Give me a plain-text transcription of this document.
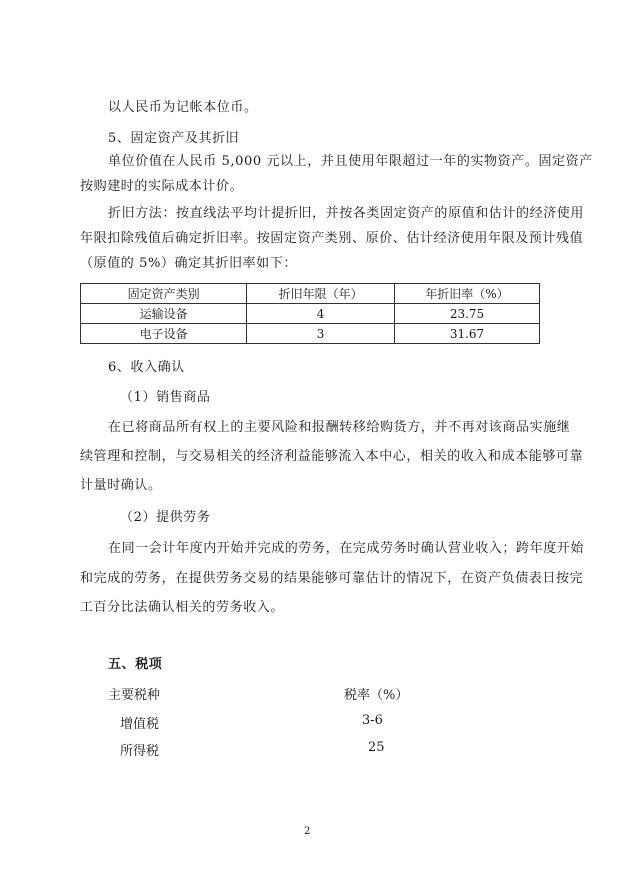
以人民币为记帐本位币。
5、固定资产及其折旧
单位价值在人民币 5,000 元以上，并且使用年限超过一年的实物资产。固定资产
按购建时的实际成本计价。
折旧方法：按直线法平均计提折旧，并按各类固定资产的原值和估计的经济使用
年限扣除残值后确定折旧率。按固定资产类别、原价、估计经济使用年限及预计残值
（原值的 5%）确定其折旧率如下：
固定资产类别	折旧年限（年）	年折旧率（%）
运输设备	4	23.75
电子设备	3	31.67
6、收入确认
（1）销售商品
在已将商品所有权上的主要风险和报酬转移给购货方，并不再对该商品实施继
续管理和控制，与交易相关的经济利益能够流入本中心，相关的收入和成本能够可靠
计量时确认。
（2）提供劳务
在同一会计年度内开始并完成的劳务，在完成劳务时确认营业收入；跨年度开始
和完成的劳务，在提供劳务交易的结果能够可靠估计的情况下，在资产负债表日按完
工百分比法确认相关的劳务收入。
五、税项
主要税种	税率（%）
增值税	3-6
所得税	25
2
